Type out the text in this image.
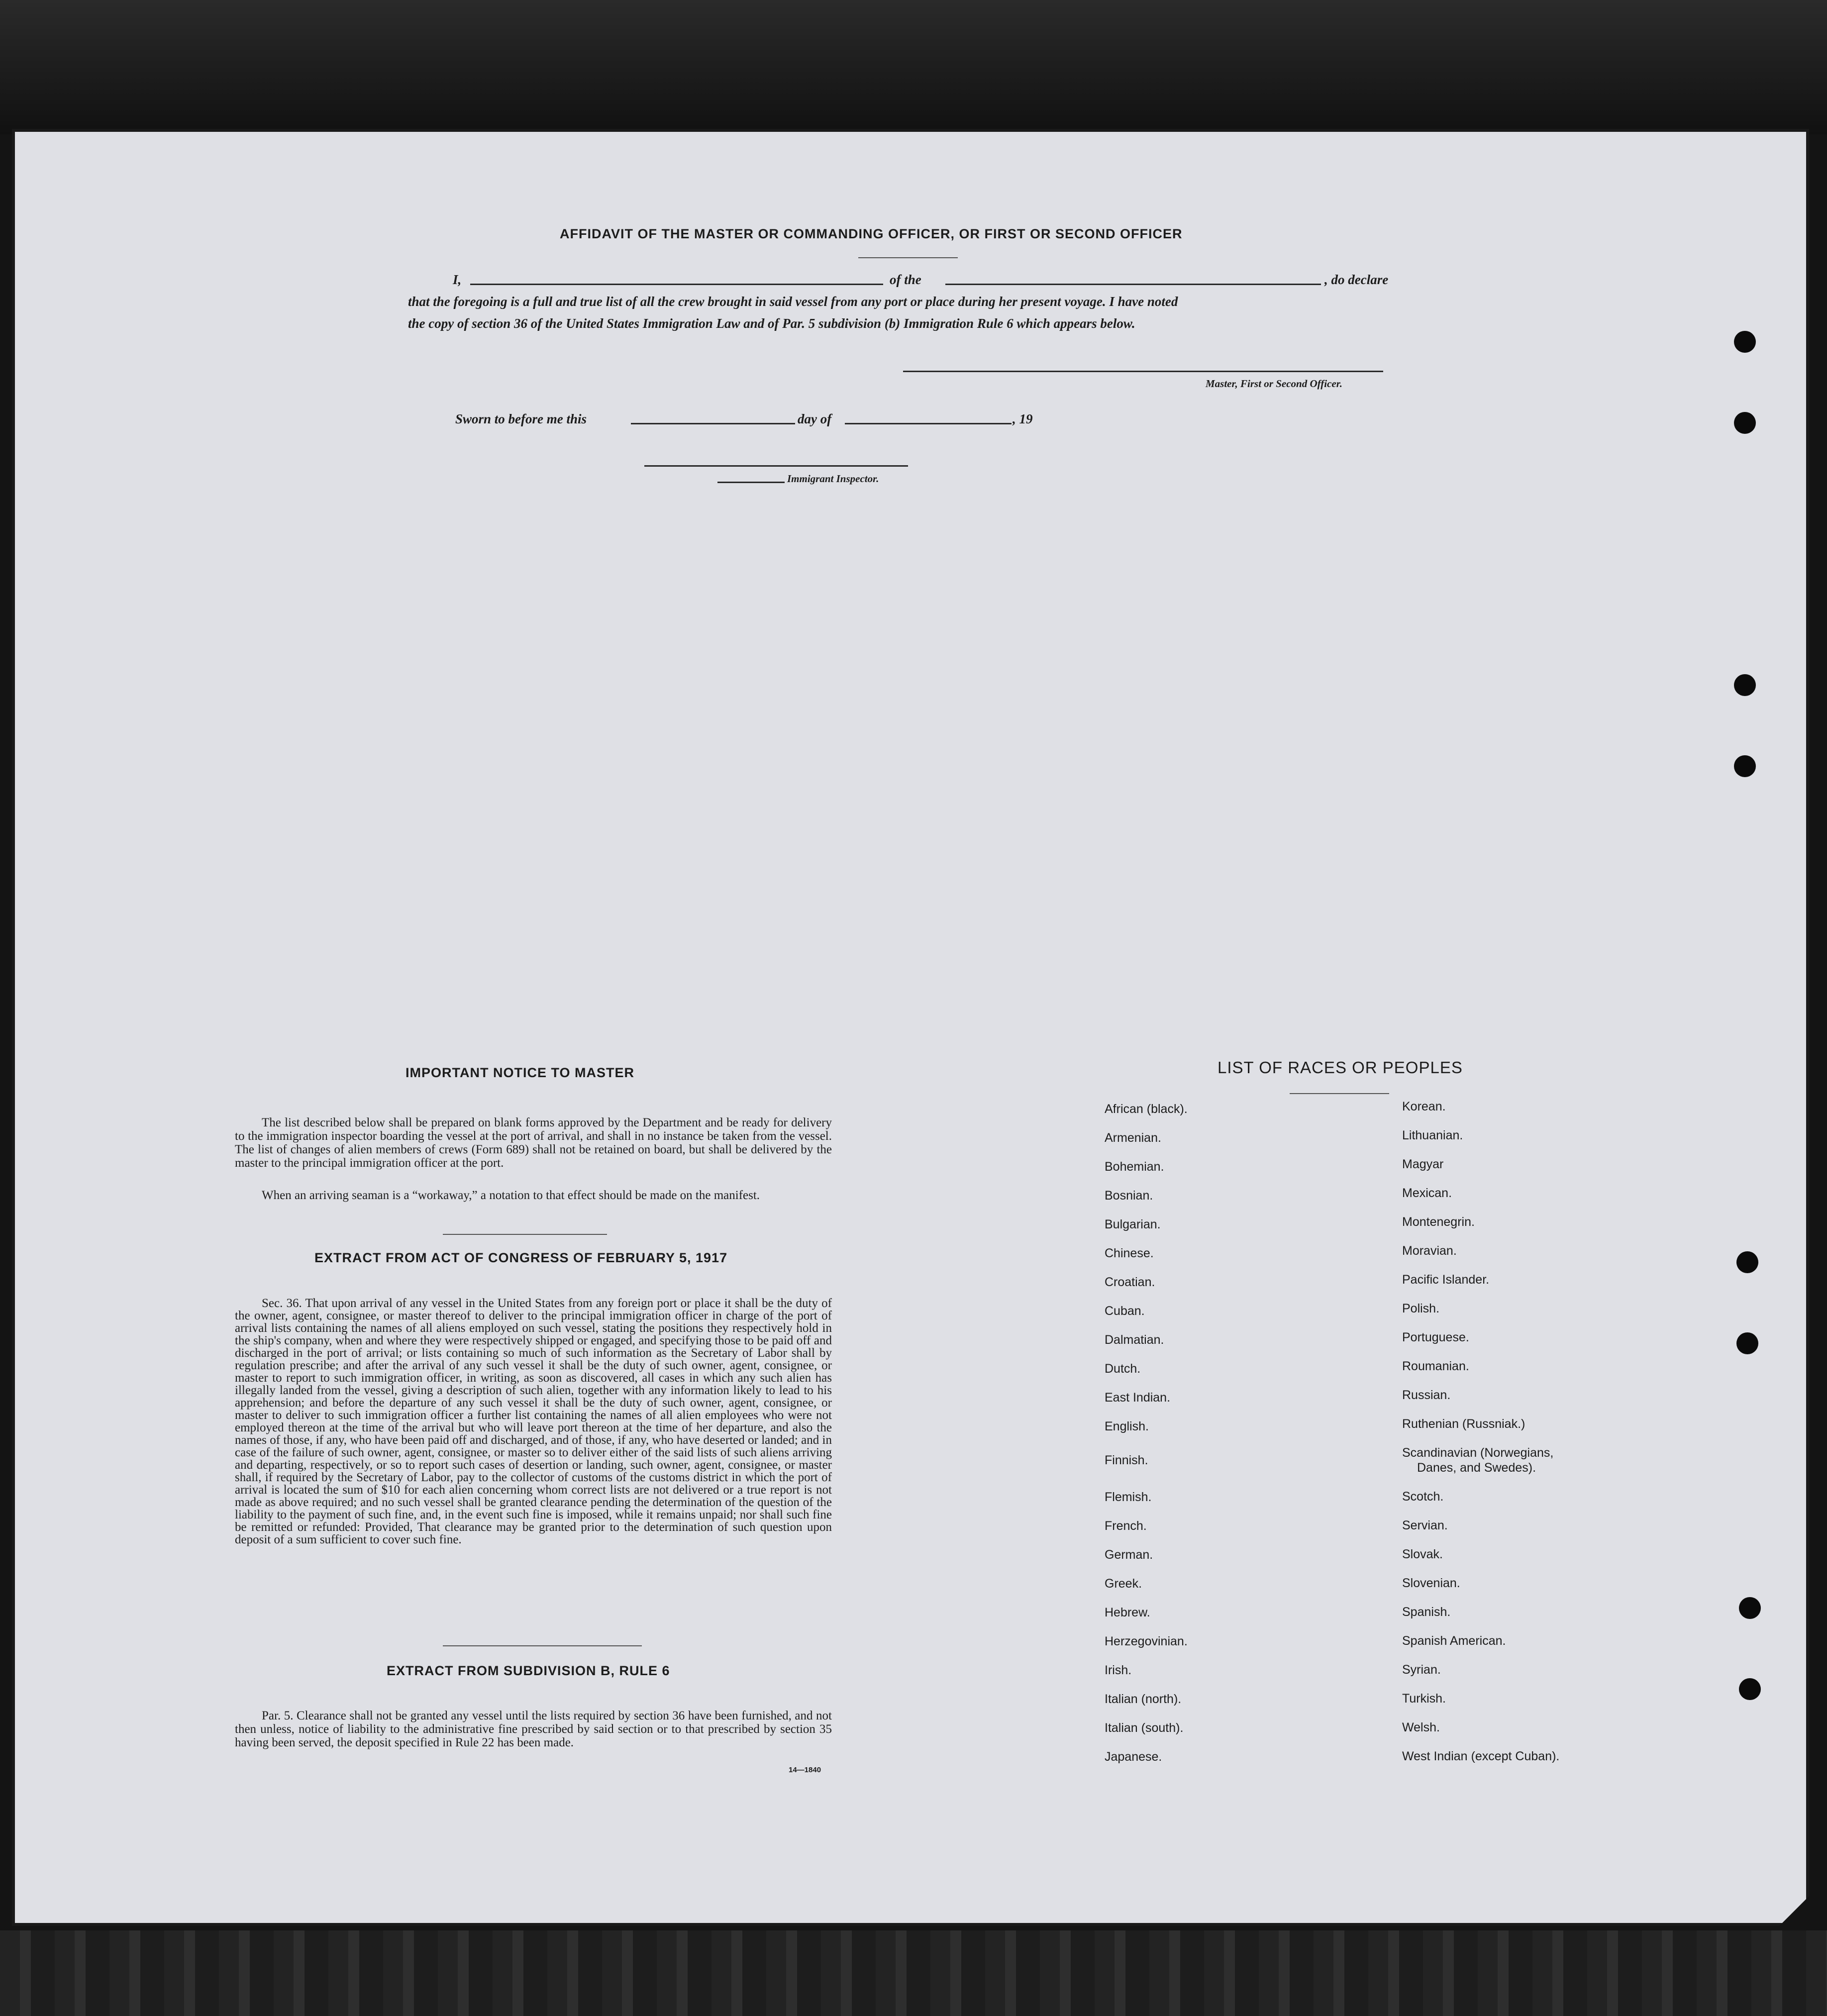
AFFIDAVIT OF THE MASTER OR COMMANDING OFFICER, OR FIRST OR SECOND OFFICER
I,	of the	, do declare
that the foregoing is a full and true list of all the crew brought in said vessel from any port or place during her present voyage. I have noted
the copy of section 36 of the United States Immigration Law and of Par. 5 subdivision (b) Immigration Rule 6 which appears below.
Master, First or Second Officer.
Sworn to before me this	day of	, 19
Immigrant Inspector.
IMPORTANT NOTICE TO MASTER
The list described below shall be prepared on blank forms approved by the Department and be ready for delivery to the immigration inspector boarding the vessel at the port of arrival, and shall in no instance be taken from the vessel. The list of changes of alien members of crews (Form 689) shall not be retained on board, but shall be delivered by the master to the principal immigration officer at the port.
When an arriving seaman is a “workaway,” a notation to that effect should be made on the manifest.
EXTRACT FROM ACT OF CONGRESS OF FEBRUARY 5, 1917
Sec. 36. That upon arrival of any vessel in the United States from any foreign port or place it shall be the duty of the owner, agent, consignee, or master thereof to deliver to the principal immigration officer in charge of the port of arrival lists containing the names of all aliens employed on such vessel, stating the positions they respectively hold in the ship's company, when and where they were respectively shipped or engaged, and specifying those to be paid off and discharged in the port of arrival; or lists containing so much of such information as the Secretary of Labor shall by regulation prescribe; and after the arrival of any such vessel it shall be the duty of such owner, agent, consignee, or master to report to such immigration officer, in writing, as soon as discovered, all cases in which any such alien has illegally landed from the vessel, giving a description of such alien, together with any information likely to lead to his apprehension; and before the departure of any such vessel it shall be the duty of such owner, agent, consignee, or master to deliver to such immigration officer a further list containing the names of all alien employees who were not employed thereon at the time of the arrival but who will leave port thereon at the time of her departure, and also the names of those, if any, who have been paid off and discharged, and of those, if any, who have deserted or landed; and in case of the failure of such owner, agent, consignee, or master so to deliver either of the said lists of such aliens arriving and departing, respectively, or so to report such cases of desertion or landing, such owner, agent, consignee, or master shall, if required by the Secretary of Labor, pay to the collector of customs of the customs district in which the port of arrival is located the sum of $10 for each alien concerning whom correct lists are not delivered or a true report is not made as above required; and no such vessel shall be granted clearance pending the determination of the question of the liability to the payment of such fine, and, in the event such fine is imposed, while it remains unpaid; nor shall such fine be remitted or refunded: Provided, That clearance may be granted prior to the determination of such question upon deposit of a sum sufficient to cover such fine.
EXTRACT FROM SUBDIVISION B, RULE 6
Par. 5. Clearance shall not be granted any vessel until the lists required by section 36 have been furnished, and not then unless, notice of liability to the administrative fine prescribed by said section or to that prescribed by section 35 having been served, the deposit specified in Rule 22 has been made.
14—1840
LIST OF RACES OR PEOPLES
African (black).
Armenian.
Bohemian.
Bosnian.
Bulgarian.
Chinese.
Croatian.
Cuban.
Dalmatian.
Dutch.
East Indian.
English.
Finnish.
Flemish.
French.
German.
Greek.
Hebrew.
Herzegovinian.
Irish.
Italian (north).
Italian (south).
Japanese.
Korean.
Lithuanian.
Magyar
Mexican.
Montenegrin.
Moravian.
Pacific Islander.
Polish.
Portuguese.
Roumanian.
Russian.
Ruthenian (Russniak.)
Scandinavian (Norwegians,
Danes, and Swedes).
Scotch.
Servian.
Slovak.
Slovenian.
Spanish.
Spanish American.
Syrian.
Turkish.
Welsh.
West Indian (except Cuban).
